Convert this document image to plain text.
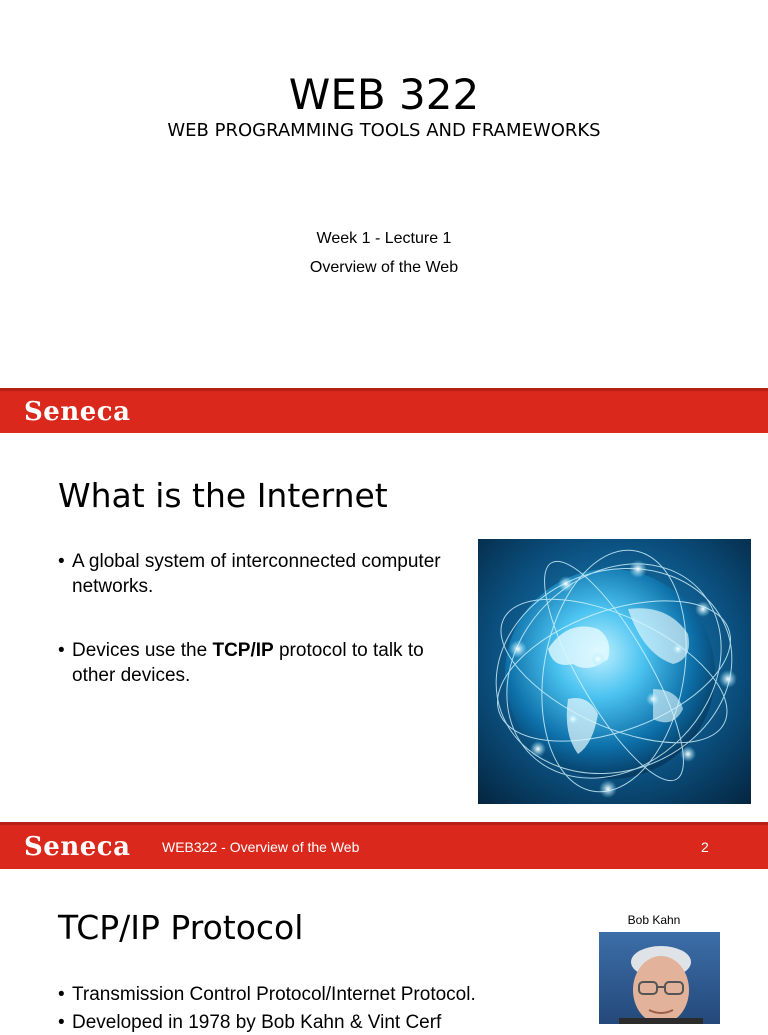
WEB 322
WEB PROGRAMMING TOOLS AND FRAMEWORKS
Week 1 - Lecture 1
Overview of the Web
Seneca
What is the Internet
• A global system of interconnected computer networks.
• Devices use the TCP/IP protocol to talk to other devices.
Seneca WEB322 - Overview of the Web	2
TCP/IP Protocol
• Transmission Control Protocol/Internet Protocol.
• Developed in 1978 by Bob Kahn & Vint Cerf
Bob Kahn
